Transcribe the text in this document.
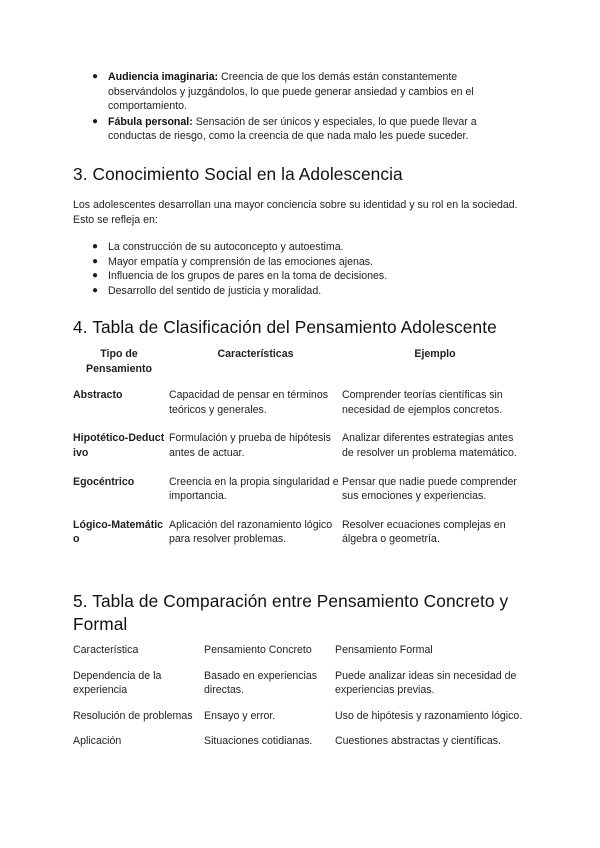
● Audiencia imaginaria: Creencia de que los demás están constantemente observándolos y juzgándolos, lo que puede generar ansiedad y cambios en el comportamiento.
● Fábula personal: Sensación de ser únicos y especiales, lo que puede llevar a conductas de riesgo, como la creencia de que nada malo les puede suceder.
3. Conocimiento Social en la Adolescencia
Los adolescentes desarrollan una mayor conciencia sobre su identidad y su rol en la sociedad. Esto se refleja en:
● La construcción de su autoconcepto y autoestima.
● Mayor empatía y comprensión de las emociones ajenas.
● Influencia de los grupos de pares en la toma de decisiones.
● Desarrollo del sentido de justicia y moralidad.
4. Tabla de Clasificación del Pensamiento Adolescente
Tipo de Pensamiento	Características	Ejemplo
Abstracto	Capacidad de pensar en términos teóricos y generales.	Comprender teorías científicas sin necesidad de ejemplos concretos.
Hipotético-Deductivo	Formulación y prueba de hipótesis antes de actuar.	Analizar diferentes estrategias antes de resolver un problema matemático.
Egocéntrico	Creencia en la propia singularidad e importancia.	Pensar que nadie puede comprender sus emociones y experiencias.
Lógico-Matemático	Aplicación del razonamiento lógico para resolver problemas.	Resolver ecuaciones complejas en álgebra o geometría.
5. Tabla de Comparación entre Pensamiento Concreto y Formal
Característica	Pensamiento Concreto	Pensamiento Formal
Dependencia de la experiencia	Basado en experiencias directas.	Puede analizar ideas sin necesidad de experiencias previas.
Resolución de problemas	Ensayo y error.	Uso de hipótesis y razonamiento lógico.
Aplicación	Situaciones cotidianas.	Cuestiones abstractas y científicas.
